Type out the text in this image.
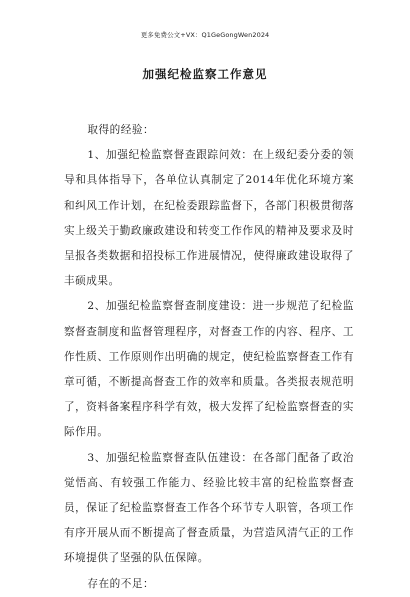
更多免费公文+VX：Q1GeGongWen2024
加强纪检监察工作意见

取得的经验：

1、加强纪检监察督查跟踪问效：在上级纪委分委的领导和具体指导下，各单位认真制定了2014年优化环境方案和纠风工作计划，在纪检委跟踪监督下，各部门积极贯彻落实上级关于勤政廉政建设和转变工作作风的精神及要求及时呈报各类数据和招投标工作进展情况，使得廉政建设取得了丰硕成果。

2、加强纪检监察督查制度建设：进一步规范了纪检监察督查制度和监督管理程序，对督查工作的内容、程序、工作性质、工作原则作出明确的规定，使纪检监察督查工作有章可循，不断提高督查工作的效率和质量。各类报表规范明了，资料备案程序科学有效，极大发挥了纪检监察督查的实际作用。

3、加强纪检监察督查队伍建设：在各部门配备了政治觉悟高、有较强工作能力、经验比较丰富的纪检监察督查员，保证了纪检监察督查工作各个环节专人职管，各项工作有序开展从而不断提高了督查质量，为营造风清气正的工作环境提供了坚强的队伍保障。

存在的不足：
